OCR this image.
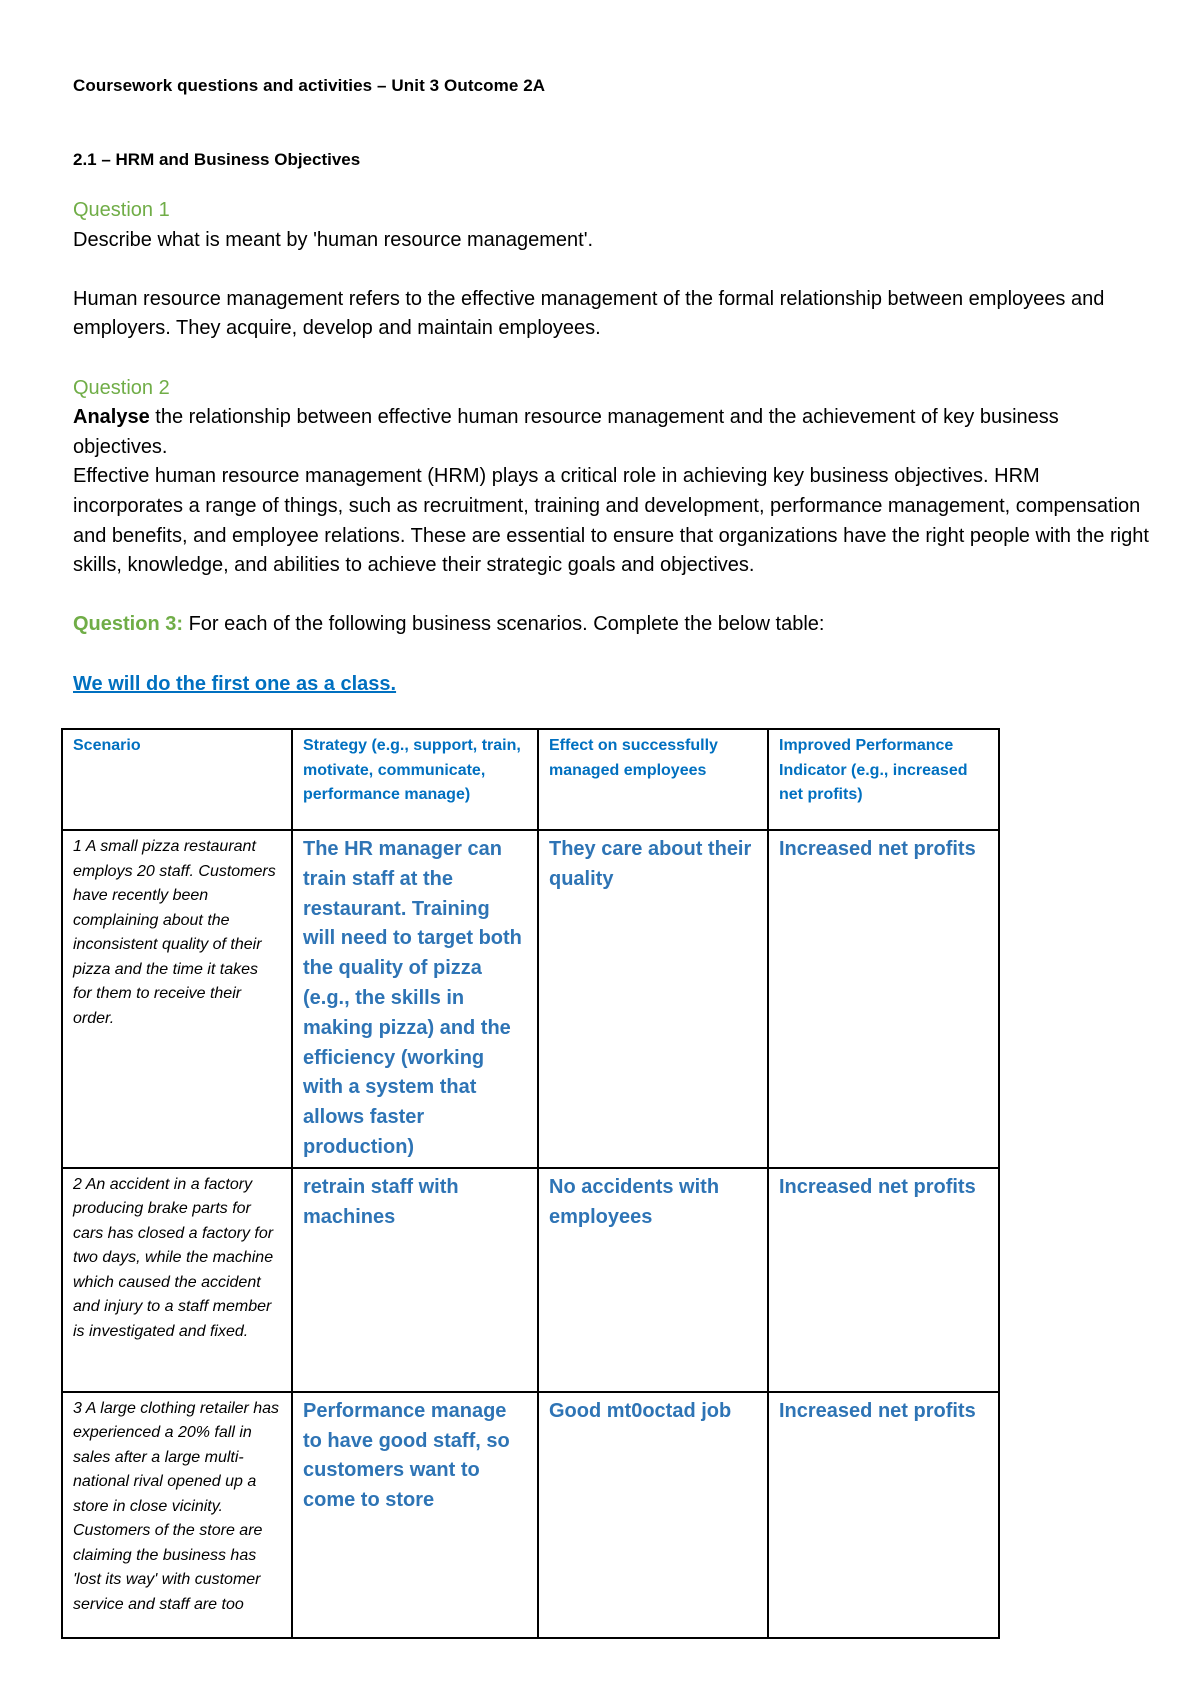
Coursework questions and activities – Unit 3 Outcome 2A
2.1 – HRM and Business Objectives

Question 1

Describe what is meant by 'human resource management'.

Human resource management refers to the effective management of the formal relationship between employees and employers. They acquire, develop and maintain employees.

Question 2

Analyse the relationship between effective human resource management and the achievement of key business objectives.

Effective human resource management (HRM) plays a critical role in achieving key business objectives. HRM incorporates a range of things, such as recruitment, training and development, performance management, compensation and benefits, and employee relations. These are essential to ensure that organizations have the right people with the right skills, knowledge, and abilities to achieve their strategic goals and objectives.

Question 3: For each of the following business scenarios. Complete the below table:

We will do the first one as a class.

Scenario	Strategy (e.g., support, train, motivate, communicate, performance manage)	Effect on successfully managed employees	Improved Performance Indicator (e.g., increased net profits)
1 A small pizza restaurant employs 20 staff. Customers have recently been complaining about the inconsistent quality of their pizza and the time it takes for them to receive their order.	The HR manager can train staff at the restaurant. Training will need to target both the quality of pizza (e.g., the skills in making pizza) and the efficiency (working with a system that allows faster production)	They care about their quality	Increased net profits
2 An accident in a factory producing brake parts for cars has closed a factory for two days, while the machine which caused the accident and injury to a staff member is investigated and fixed.	retrain staff with machines	No accidents with employees	Increased net profits
3 A large clothing retailer has experienced a 20% fall in sales after a large multi-national rival opened up a store in close vicinity. Customers of the store are claiming the business has 'lost its way' with customer service and staff are too	Performance manage to have good staff, so customers want to come to store	Good mt0octad job	Increased net profits
